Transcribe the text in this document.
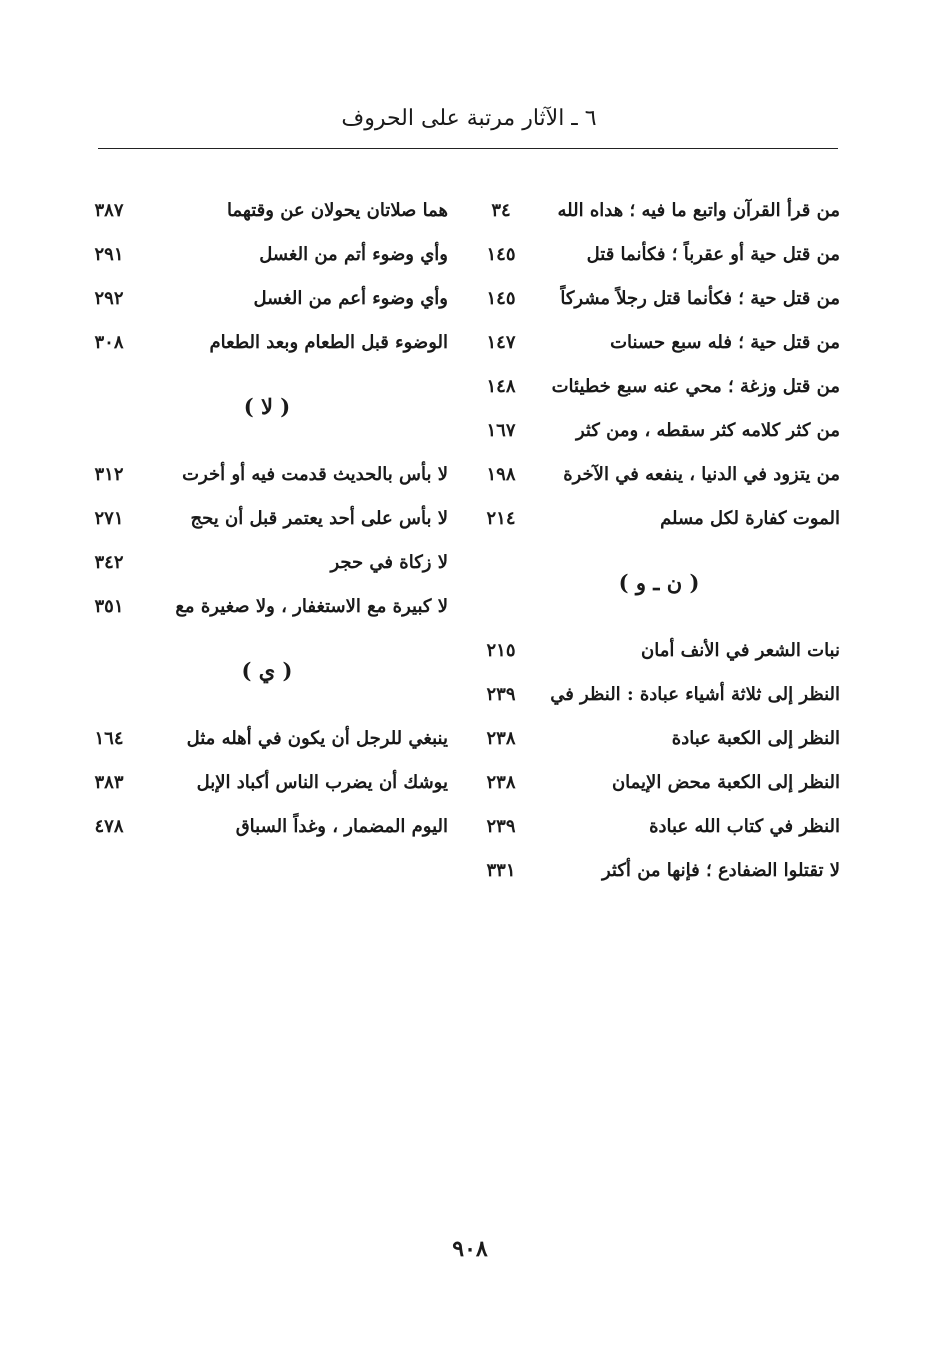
٦ ـ الآثار مرتبة على الحروف
من قرأ القرآن واتبع ما فيه ؛ هداه الله
٣٤
من قتل حية أو عقرباً ؛ فكأنما قتل
١٤٥
من قتل حية ؛ فكأنما قتل رجلاً مشركاً
١٤٥
من قتل حية ؛ فله سبع حسنات
١٤٧
من قتل وزغة ؛ محي عنه سبع خطيئات
١٤٨
من كثر كلامه كثر سقطه ، ومن كثر
١٦٧
من يتزود في الدنيا ، ينفعه في الآخرة
١٩٨
الموت كفارة لكل مسلم
٢١٤
( ن ـ و )
نبات الشعر في الأنف أمان
٢١٥
النظر إلى ثلاثة أشياء عبادة : النظر في
٢٣٩
النظر إلى الكعبة عبادة
٢٣٨
النظر إلى الكعبة محض الإيمان
٢٣٨
النظر في كتاب الله عبادة
٢٣٩
لا تقتلوا الضفادع ؛ فإنها من أكثر
٣٣١
هما صلاتان يحولان عن وقتهما
٣٨٧
وأي وضوء أتم من الغسل
٢٩١
وأي وضوء أعم من الغسل
٢٩٢
الوضوء قبل الطعام وبعد الطعام
٣٠٨
( لا )
لا بأس بالحديث قدمت فيه أو أخرت
٣١٢
لا بأس على أحد يعتمر قبل أن يحج
٢٧١
لا زكاة في حجر
٣٤٢
لا كبيرة مع الاستغفار ، ولا صغيرة مع
٣٥١
( ي )
ينبغي للرجل أن يكون في أهله مثل
١٦٤
يوشك أن يضرب الناس أكباد الإبل
٣٨٣
اليوم المضمار ، وغداً السباق
٤٧٨
٩٠٨
